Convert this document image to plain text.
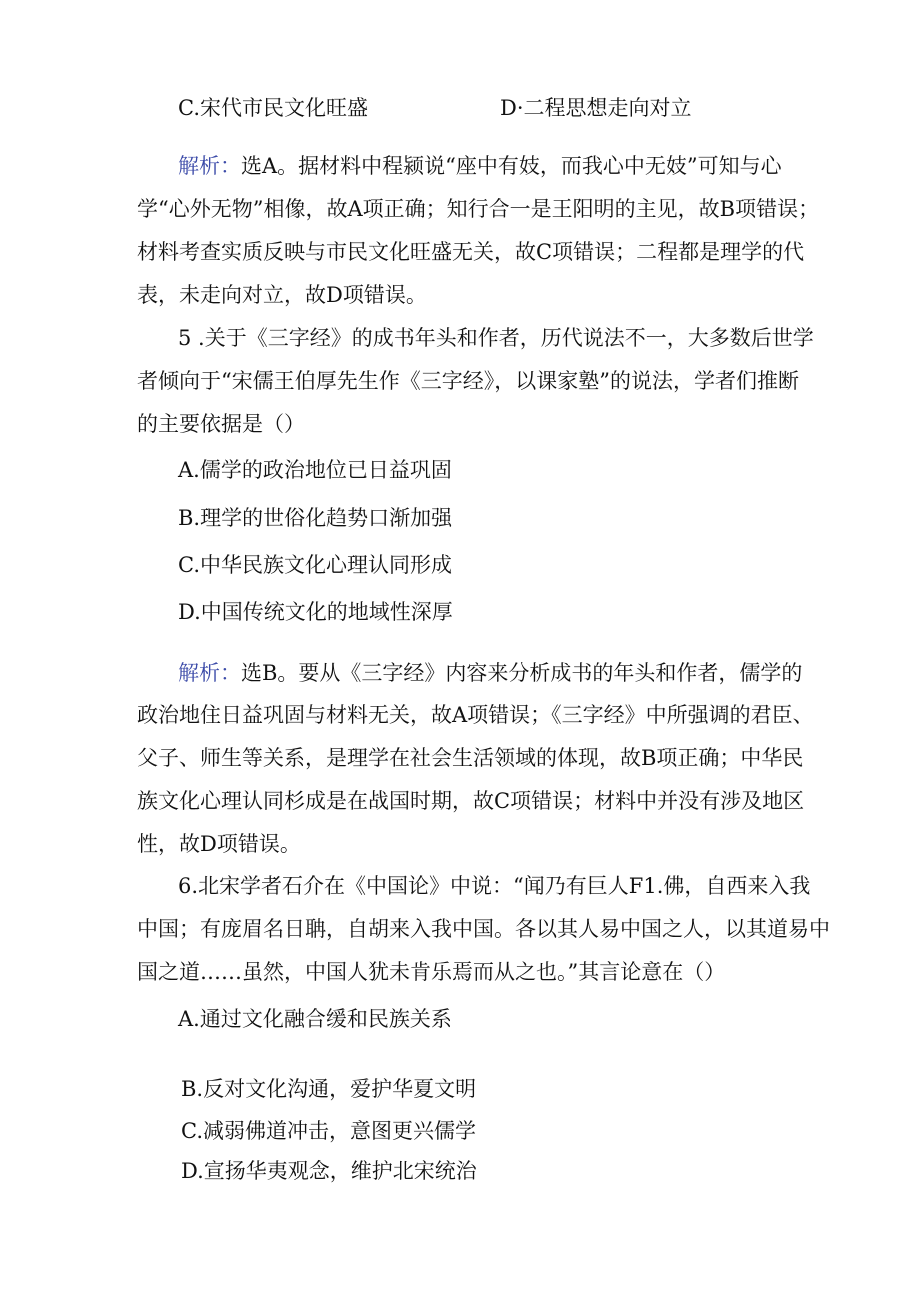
C.宋代市民文化旺盛	D·二程思想走向对立
解析：选A。据材料中程颍说“座中有妓，而我心中无妓”可知与心
学“心外无物”相像，故A项正确；知行合一是王阳明的主见，故B项错误；
材料考查实质反映与市民文化旺盛无关，故C项错误；二程都是理学的代
表，未走向对立，故D项错误。
5 .关于《三字经》的成书年头和作者，历代说法不一，大多数后世学
者倾向于“宋儒王伯厚先生作《三字经》，以课家塾”的说法，学者们推断
的主要依据是（）
A.儒学的政治地位已日益巩固
B.理学的世俗化趋势口渐加强
C.中华民族文化心理认同形成
D.中国传统文化的地域性深厚
解析：选B。要从《三字经》内容来分析成书的年头和作者，儒学的
政治地住日益巩固与材料无关，故A项错误；《三字经》中所强调的君臣、
父子、师生等关系，是理学在社会生活领域的体现，故B项正确；中华民
族文化心理认同杉成是在战国时期，故C项错误；材料中并没有涉及地区
性，故D项错误。
6.北宋学者石介在《中国论》中说：“闻乃有巨人F1.佛，自西来入我
中国；有庞眉名日聃，自胡来入我中国。各以其人易中国之人，以其道易中
国之道……虽然，中国人犹未肯乐焉而从之也。”其言论意在（）
A.通过文化融合缓和民族关系
B.反对文化沟通，爱护华夏文明
C.减弱佛道冲击，意图更兴儒学
D.宣扬华夷观念，维护北宋统治
